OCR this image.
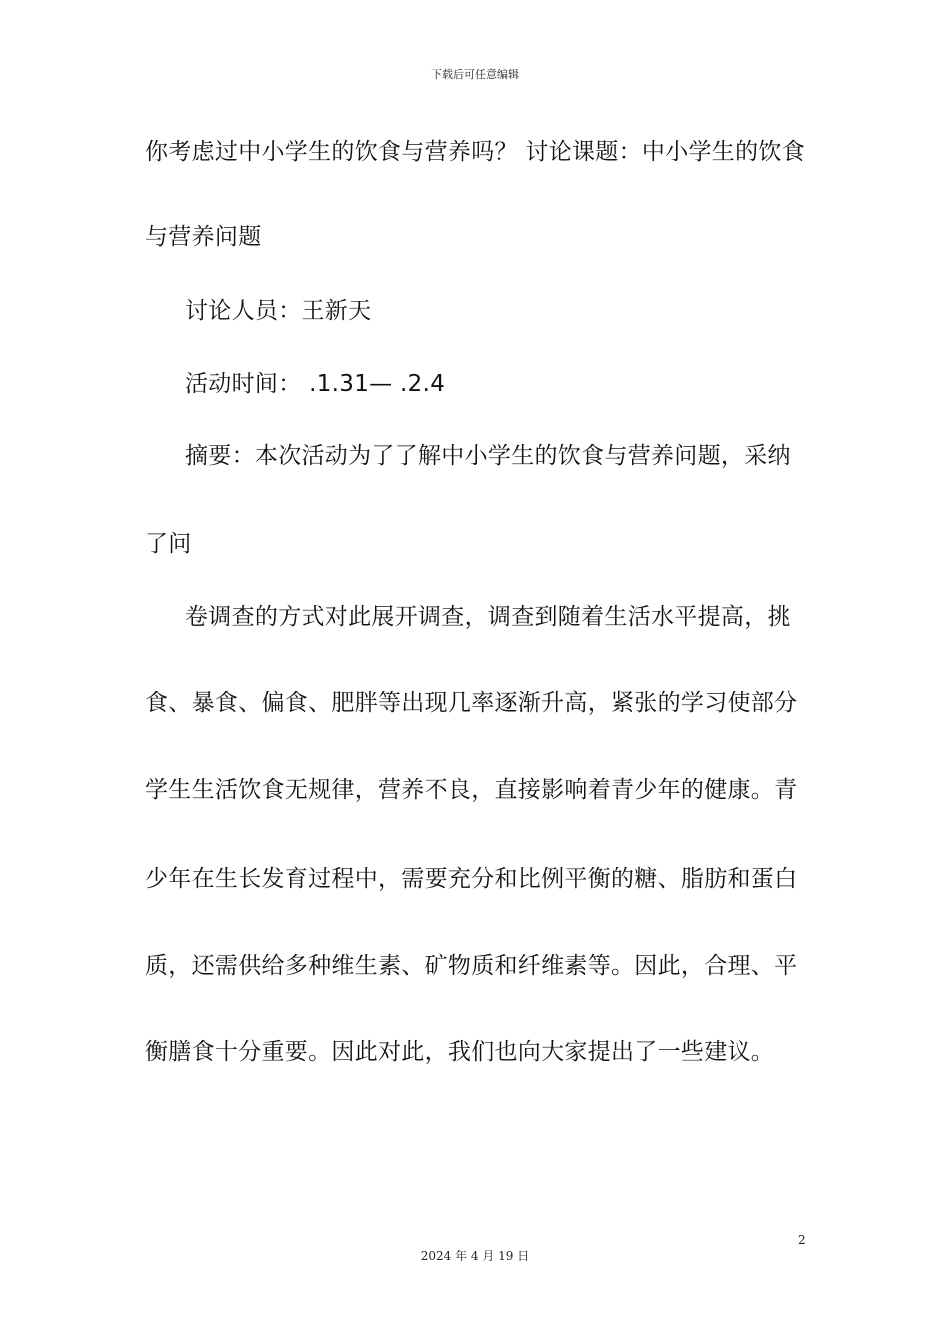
下载后可任意编辑
你考虑过中小学生的饮食与营养吗？ 讨论课题：中小学生的饮食
与营养问题
讨论人员：王新天
活动时间： .1.31— .2.4
摘要：本次活动为了了解中小学生的饮食与营养问题，采纳
了问
卷调查的方式对此展开调查，调查到随着生活水平提高，挑
食、暴食、偏食、肥胖等出现几率逐渐升高，紧张的学习使部分
学生生活饮食无规律，营养不良，直接影响着青少年的健康。青
少年在生长发育过程中，需要充分和比例平衡的糖、脂肪和蛋白
质，还需供给多种维生素、矿物质和纤维素等。因此，合理、平
衡膳食十分重要。因此对此，我们也向大家提出了一些建议。
2
2024 年 4 月 19 日
